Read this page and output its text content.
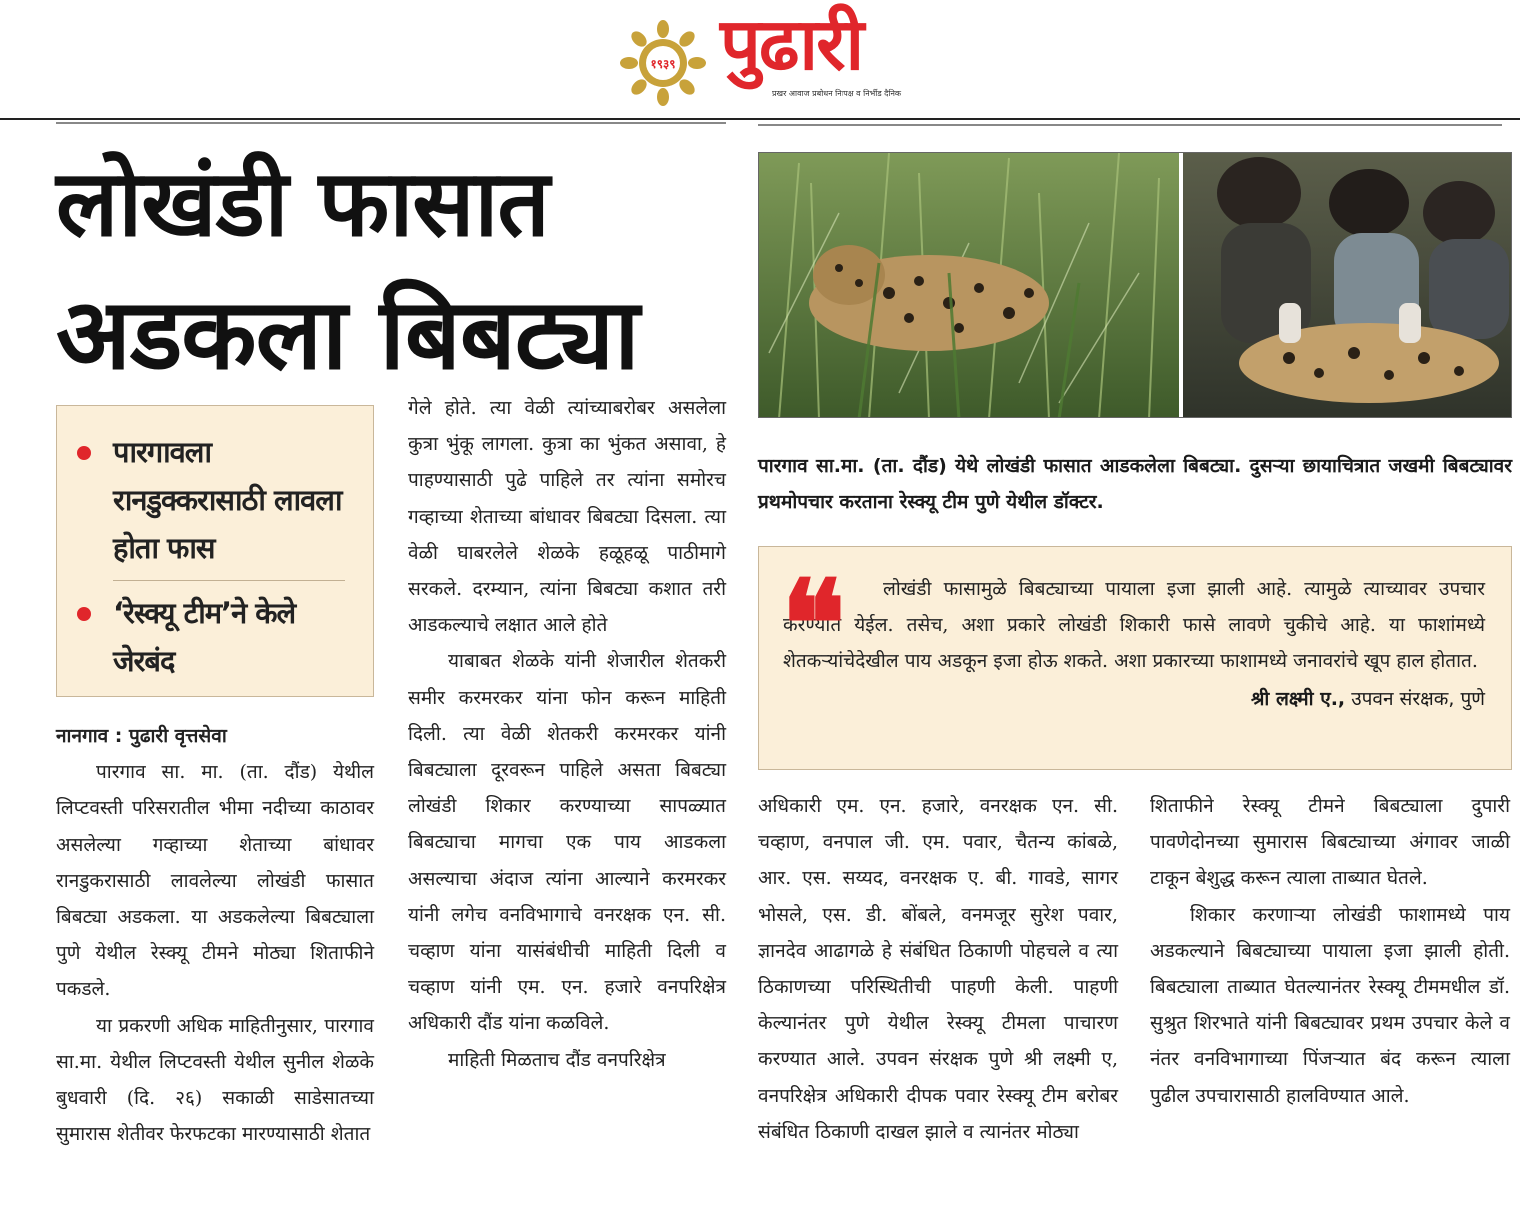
१९३९ पुढारी
प्रखर आवाज प्रबोधन निःपक्ष व निर्भीड दैनिक
लोखंडी फासात
अडकला बिबट्या
पारगावला रानडुक्करासाठी लावला होता फास
‘रेस्क्यू टीम’ने केले जेरबंद

नानगाव : पुढारी वृत्तसेवा

पारगाव सा. मा. (ता. दौंड) येथील लिप्टवस्ती परिसरातील भीमा नदीच्या काठावर असलेल्या गव्हाच्या शेताच्या बांधावर रानडुकरासाठी लावलेल्या लोखंडी फासात बिबट्या अडकला. या अडकलेल्या बिबट्याला पुणे येथील रेस्क्यू टीमने मोठ्या शिताफीने पकडले.

या प्रकरणी अधिक माहितीनुसार, पारगाव सा.मा. येथील लिप्टवस्ती येथील सुनील शेळके बुधवारी (दि. २६) सकाळी साडेसातच्या सुमारास शेतीवर फेरफटका मारण्यासाठी शेतात

गेले होते. त्या वेळी त्यांच्याबरोबर असलेला कुत्रा भुंकू लागला. कुत्रा का भुंकत असावा, हे पाहण्यासाठी पुढे पाहिले तर त्यांना समोरच गव्हाच्या शेताच्या बांधावर बिबट्या दिसला. त्या वेळी घाबरलेले शेळके हळूहळू पाठीमागे सरकले. दरम्यान, त्यांना बिबट्या कशात तरी आडकल्याचे लक्षात आले होते

याबाबत शेळके यांनी शेजारील शेतकरी समीर करमरकर यांना फोन करून माहिती दिली. त्या वेळी शेतकरी करमरकर यांनी बिबट्याला दूरवरून पाहिले असता बिबट्या लोखंडी शिकार करण्याच्या सापळ्यात बिबट्याचा मागचा एक पाय आडकला असल्याचा अंदाज त्यांना आल्याने करमरकर यांनी लगेच वनविभागाचे वनरक्षक एन. सी. चव्हाण यांना यासंबंधीची माहिती दिली व चव्हाण यांनी एम. एन. हजारे वनपरिक्षेत्र अधिकारी दौंड यांना कळविले.

माहिती मिळताच दौंड वनपरिक्षेत्र

पारगाव सा.मा. (ता. दौंड) येथे लोखंडी फासात आडकलेला बिबट्या. दुसऱ्या छायाचित्रात जखमी बिबट्यावर प्रथमोपचार करताना रेस्क्यू टीम पुणे येथील डॉक्टर.

❝	लोखंडी फासामुळे बिबट्याच्या पायाला इजा झाली आहे. त्यामुळे त्याच्यावर उपचार करण्यात येईल. तसेच, अशा प्रकारे लोखंडी शिकारी फासे लावणे चुकीचे आहे. या फाशांमध्ये शेतकऱ्यांचेदेखील पाय अडकून इजा होऊ शकते. अशा प्रकारच्या फाशामध्ये जनावरांचे खूप हाल होतात.

श्री लक्ष्मी ए., उपवन संरक्षक, पुणे

अधिकारी एम. एन. हजारे, वनरक्षक एन. सी. चव्हाण, वनपाल जी. एम. पवार, चैतन्य कांबळे, आर. एस. सय्यद, वनरक्षक ए. बी. गावडे, सागर भोसले, एस. डी. बोंबले, वनमजूर सुरेश पवार, ज्ञानदेव आढागळे हे संबंधित ठिकाणी पोहचले व त्या ठिकाणच्या परिस्थितीची पाहणी केली. पाहणी केल्यानंतर पुणे येथील रेस्क्यू टीमला पाचारण करण्यात आले. उपवन संरक्षक पुणे श्री लक्ष्मी ए, वनपरिक्षेत्र अधिकारी दीपक पवार रेस्क्यू टीम बरोबर संबंधित ठिकाणी दाखल झाले व त्यानंतर मोठ्या

शिताफीने रेस्क्यू टीमने बिबट्याला दुपारी पावणेदोनच्या सुमारास बिबट्याच्या अंगावर जाळी टाकून बेशुद्ध करून त्याला ताब्यात घेतले.

शिकार करणाऱ्या लोखंडी फाशामध्ये पाय अडकल्याने बिबट्याच्या पायाला इजा झाली होती. बिबट्याला ताब्यात घेतल्यानंतर रेस्क्यू टीममधील डॉ. सुश्रुत शिरभाते यांनी बिबट्यावर प्रथम उपचार केले व नंतर वनविभागाच्या पिंजऱ्यात बंद करून त्याला पुढील उपचारासाठी हालविण्यात आले.
